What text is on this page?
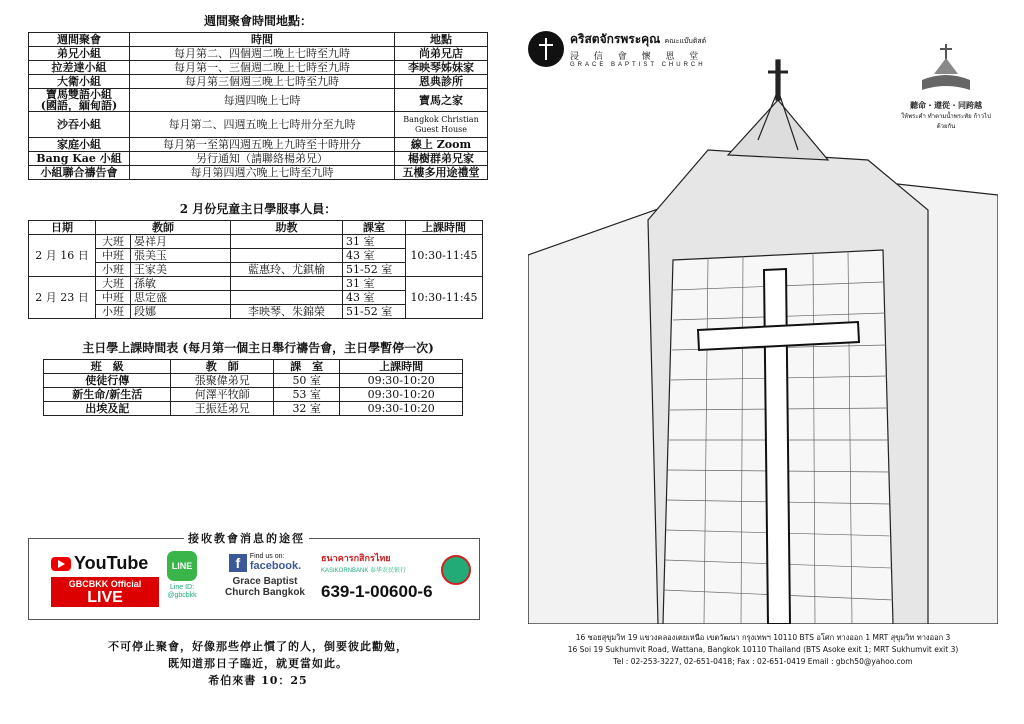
週間聚會時間地點：
週間聚會	時間	地點
弟兄小組	每月第二、四個週二晚上七時至九時	尚弟兄店
拉差達小組	每月第一、三個週二晚上七時至九時	李映琴姊妹家
大衛小組	每月第三個週三晚上七時至九時	恩典診所
寶馬雙語小組
(國語，緬甸語)	每週四晚上七時	寶馬之家
沙吞小組	每月第二、四週五晚上七時卅分至九時	Bangkok Christian
Guest House
家庭小組	每月第一至第四週五晚上九時至十時卅分	線上 Zoom
Bang Kae 小組	另行通知（請聯絡楊弟兄）	楊樹群弟兄家
小組聯合禱告會	每月第四週六晚上七時至九時	五樓多用途禮堂
2 月份兒童主日學服事人員：
日期	教師		助教	課室	上課時間
2 月 16 日	大班	晏祥月		31 室	10:30-11:45
	中班	張美玉		43 室	
	小班	王家美	藍惠玲、尤錤榆	51-52 室	
2 月 23 日	大班	孫敏		31 室	10:30-11:45
	中班	思定盛		43 室	
	小班	段娜	李映琴、朱錦榮	51-52 室	
主日學上課時間表 (每月第一個主日舉行禱告會，主日學暫停一次)
班　級	教　師	課　室	上課時間
使徒行傳	張聚偉弟兄	50 室	09:30-10:20
新生命/新生活	何澤平牧師	53 室	09:30-10:20
出埃及記	王振廷弟兄	32 室	09:30-10:20
接收教會消息的途徑
YouTube
GBCBKK Official
LIVE
LINE
Line ID:
@gbcbkk
f	Find us on:
facebook.
Grace Baptist
Church Bangkok
ธนาคารกสิกรไทย
KASIKORNBANK 泰华农民银行
639-1-00600-6
不可停止聚會，好像那些停止慣了的人，倒要彼此勸勉，
既知道那日子臨近，就更當如此。
希伯來書 10：25
คริสตจักรพระคุณ คณะแบ๊บติสต์
浸 信 會 懷 恩 堂
GRACE BAPTIST CHURCH
聽命・遵從・同跨越
ให้พระคำ ทำตามน้ำพระทัย ก้าวไปด้วยกัน
16 ซอยสุขุมวิท 19 แขวงคลองเตยเหนือ เขตวัฒนา กรุงเทพฯ 10110 BTS อโศก ทางออก 1 MRT สุขุมวิท ทางออก 3
16 Soi 19 Sukhumvit Road, Wattana, Bangkok 10110 Thailand (BTS Asoke exit 1; MRT Sukhumvit exit 3)
Tel : 02-253-3227, 02-651-0418; Fax : 02-651-0419 Email : gbch50@yahoo.com
